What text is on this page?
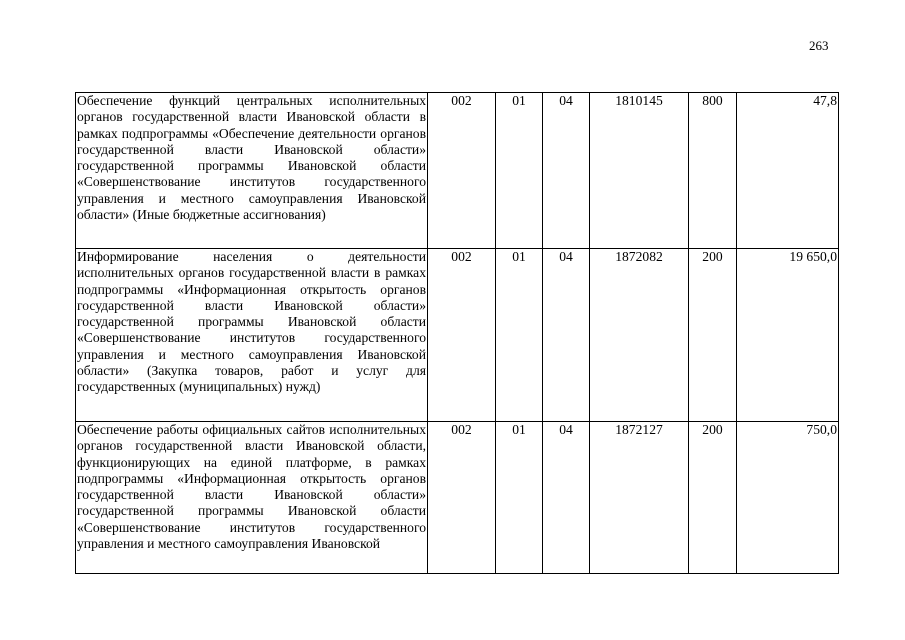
263
Обеспечение функций центральных исполнительных органов государственной власти Ивановской области в рамках подпрограммы «Обеспечение деятельности органов государственной власти Ивановской области» государственной программы Ивановской области «Совершенствование институтов государственного управления и местного самоуправления Ивановской области» (Иные бюджетные ассигнования)	002	01	04	1810145	800	47,8
Информирование населения о деятельности исполнительных органов государственной власти в рамках подпрограммы «Информационная открытость органов государственной власти Ивановской области» государственной программы Ивановской области «Совершенствование институтов государственного управления и местного самоуправления Ивановской области» (Закупка товаров, работ и услуг для государственных (муниципальных) нужд)	002	01	04	1872082	200	19 650,0
Обеспечение работы официальных сайтов исполнительных органов государственной власти Ивановской области, функционирующих на единой платформе, в рамках подпрограммы «Информационная открытость органов государственной власти Ивановской области» государственной программы Ивановской области «Совершенствование институтов государственного управления и местного самоуправления Ивановской	002	01	04	1872127	200	750,0
